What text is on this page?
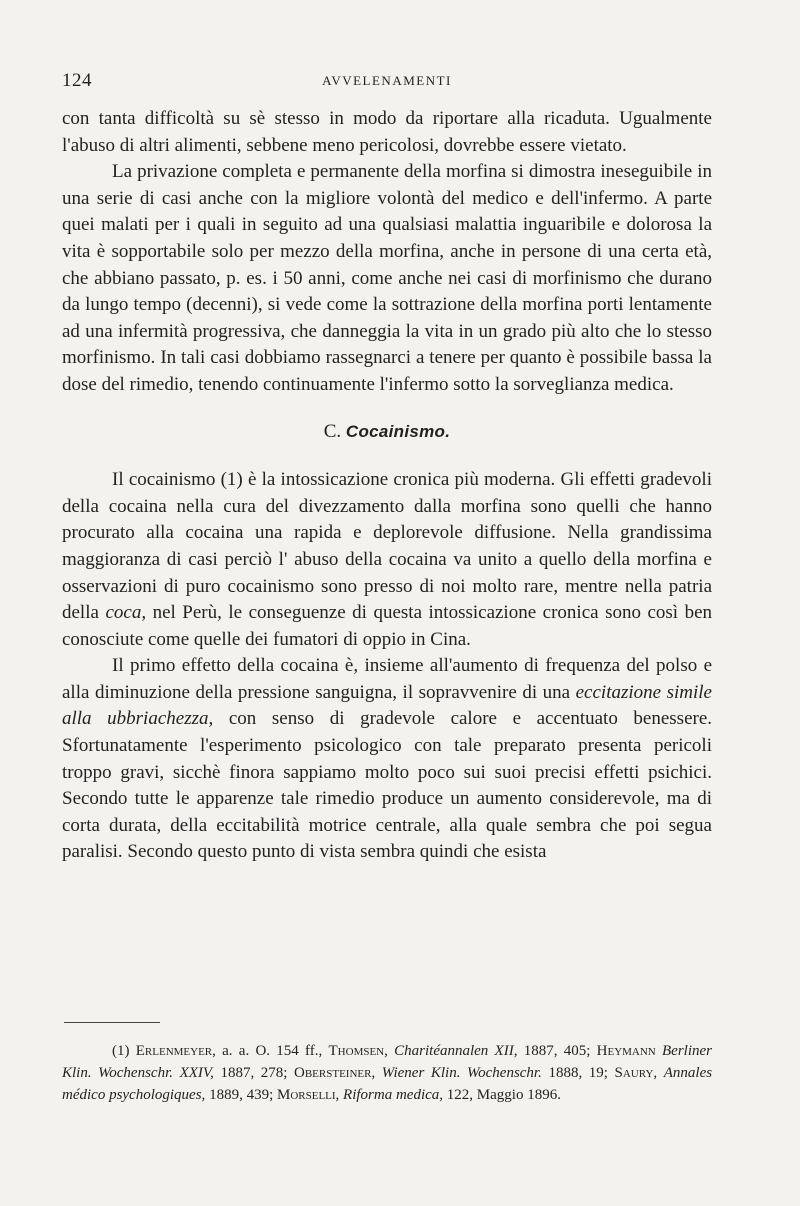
124	AVVELENAMENTI

con tanta difficoltà su sè stesso in modo da riportare alla ricaduta. Ugualmente l'abuso di altri alimenti, sebbene meno pericolosi, dovrebbe essere vietato.

La privazione completa e permanente della morfina si dimostra ineseguibile in una serie di casi anche con la migliore volontà del medico e dell'infermo. A parte quei malati per i quali in seguito ad una qualsiasi malattia inguaribile e dolorosa la vita è sopportabile solo per mezzo della morfina, anche in persone di una certa età, che abbiano passato, p. es. i 50 anni, come anche nei casi di morfinismo che durano da lungo tempo (decenni), si vede come la sottrazione della morfina porti lentamente ad una infermità progressiva, che danneggia la vita in un grado più alto che lo stesso morfinismo. In tali casi dobbiamo rassegnarci a tenere per quanto è possibile bassa la dose del rimedio, tenendo continuamente l'infermo sotto la sorveglianza medica.

C. Cocainismo.

Il cocainismo (1) è la intossicazione cronica più moderna. Gli effetti gradevoli della cocaina nella cura del divezzamento dalla morfina sono quelli che hanno procurato alla cocaina una rapida e deplorevole diffusione. Nella grandissima maggioranza di casi perciò l' abuso della cocaina va unito a quello della morfina e osservazioni di puro cocainismo sono presso di noi molto rare, mentre nella patria della coca, nel Perù, le conseguenze di questa intossicazione cronica sono così ben conosciute come quelle dei fumatori di oppio in Cina.

Il primo effetto della cocaina è, insieme all'aumento di frequenza del polso e alla diminuzione della pressione sanguigna, il sopravvenire di una eccitazione simile alla ubbriachezza, con senso di gradevole calore e accentuato benessere. Sfortunatamente l'esperimento psicologico con tale preparato presenta pericoli troppo gravi, sicchè finora sappiamo molto poco sui suoi precisi effetti psichici. Secondo tutte le apparenze tale rimedio produce un aumento considerevole, ma di corta durata, della eccitabilità motrice centrale, alla quale sembra che poi segua paralisi. Secondo questo punto di vista sembra quindi che esista

(1) Erlenmeyer, a. a. O. 154 ff., Thomsen, Charitéannalen XII, 1887, 405; Heymann Berliner Klin. Wochenschr. XXIV, 1887, 278; Obersteiner, Wiener Klin. Wochenschr. 1888, 19; Saury, Annales médico psychologiques, 1889, 439; Morselli, Riforma medica, 122, Maggio 1896.
